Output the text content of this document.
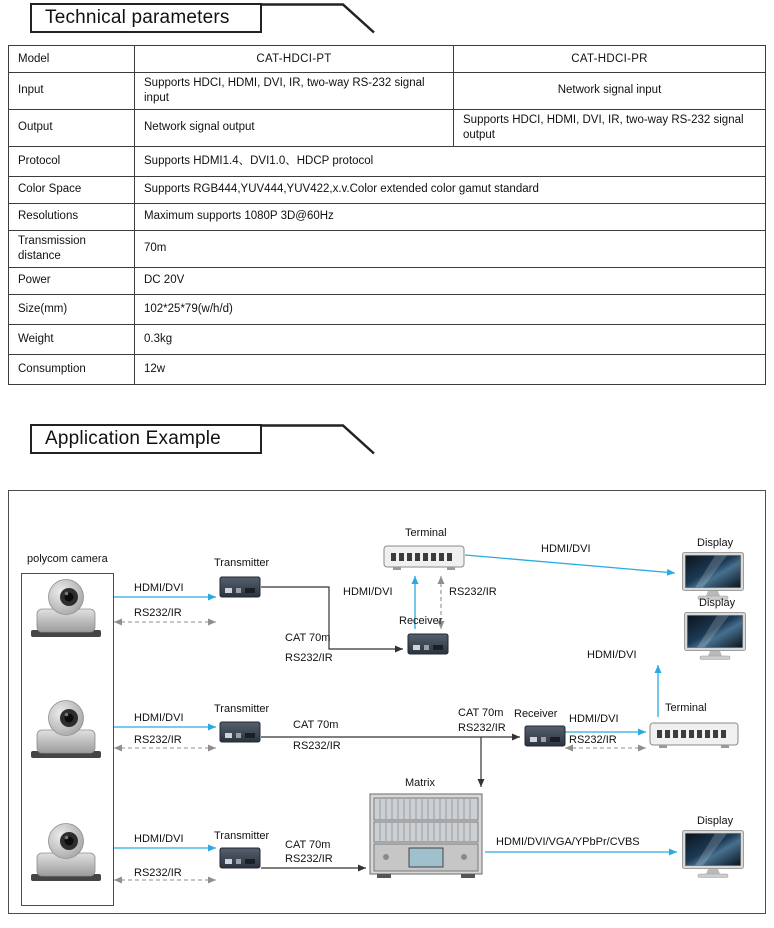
Technical parameters
Model	CAT-HDCI-PT	CAT-HDCI-PR
Input	Supports HDCI, HDMI, DVI, IR, two-way RS-232 signal input	Network signal input
Output	Network signal output	Supports HDCI, HDMI, DVI, IR, two-way RS-232 signal output
Protocol	Supports HDMI1.4、DVI1.0、HDCP protocol	
Color Space	Supports RGB444,YUV444,YUV422,x.v.Color extended color gamut standard	
Resolutions	Maximum supports 1080P 3D@60Hz	
Transmission distance	70m	
Power	DC 20V	
Size(mm)	102*25*79(w/h/d)	
Weight	0.3kg	
Consumption	12w	
Application Example
polycom camera	Transmitter
Transmitter
Transmitter
Terminal
Receiver
Display
Display
Display
Receiver	Terminal
Matrix
HDMI/DVI
RS232/IR
CAT 70m
RS232/IR
HDMI/DVI	RS232/IR
HDMI/DVI
HDMI/DVI
RS232/IR
CAT 70m
RS232/IR
CAT 70m
RS232/IR
HDMI/DVI
RS232/IR
HDMI/DVI
HDMI/DVI
RS232/IR
CAT 70m
RS232/IR
HDMI/DVI/VGA/YPbPr/CVBS
